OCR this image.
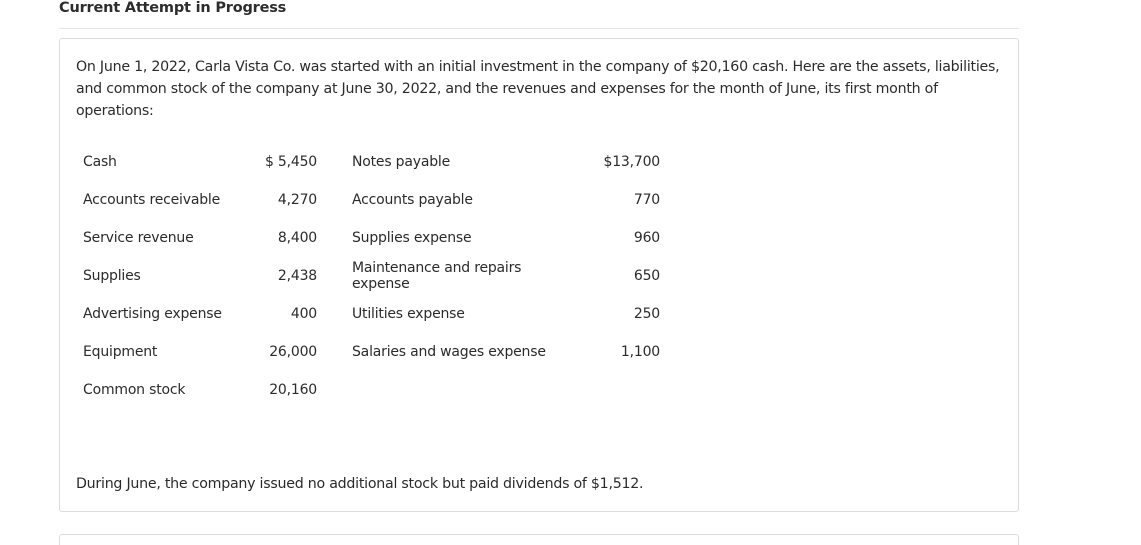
Current Attempt in Progress
On June 1, 2022, Carla Vista Co. was started with an initial investment in the company of $20,160 cash. Here are the assets, liabilities, and common stock of the company at June 30, 2022, and the revenues and expenses for the month of June, its first month of operations:
Cash	$ 5,450	Notes payable	$13,700
Accounts receivable	4,270	Accounts payable	770
Service revenue	8,400	Supplies expense	960
Supplies	2,438	Maintenance and repairs expense	650
Advertising expense	400	Utilities expense	250
Equipment	26,000	Salaries and wages expense	1,100
Common stock	20,160		
During June, the company issued no additional stock but paid dividends of $1,512.
